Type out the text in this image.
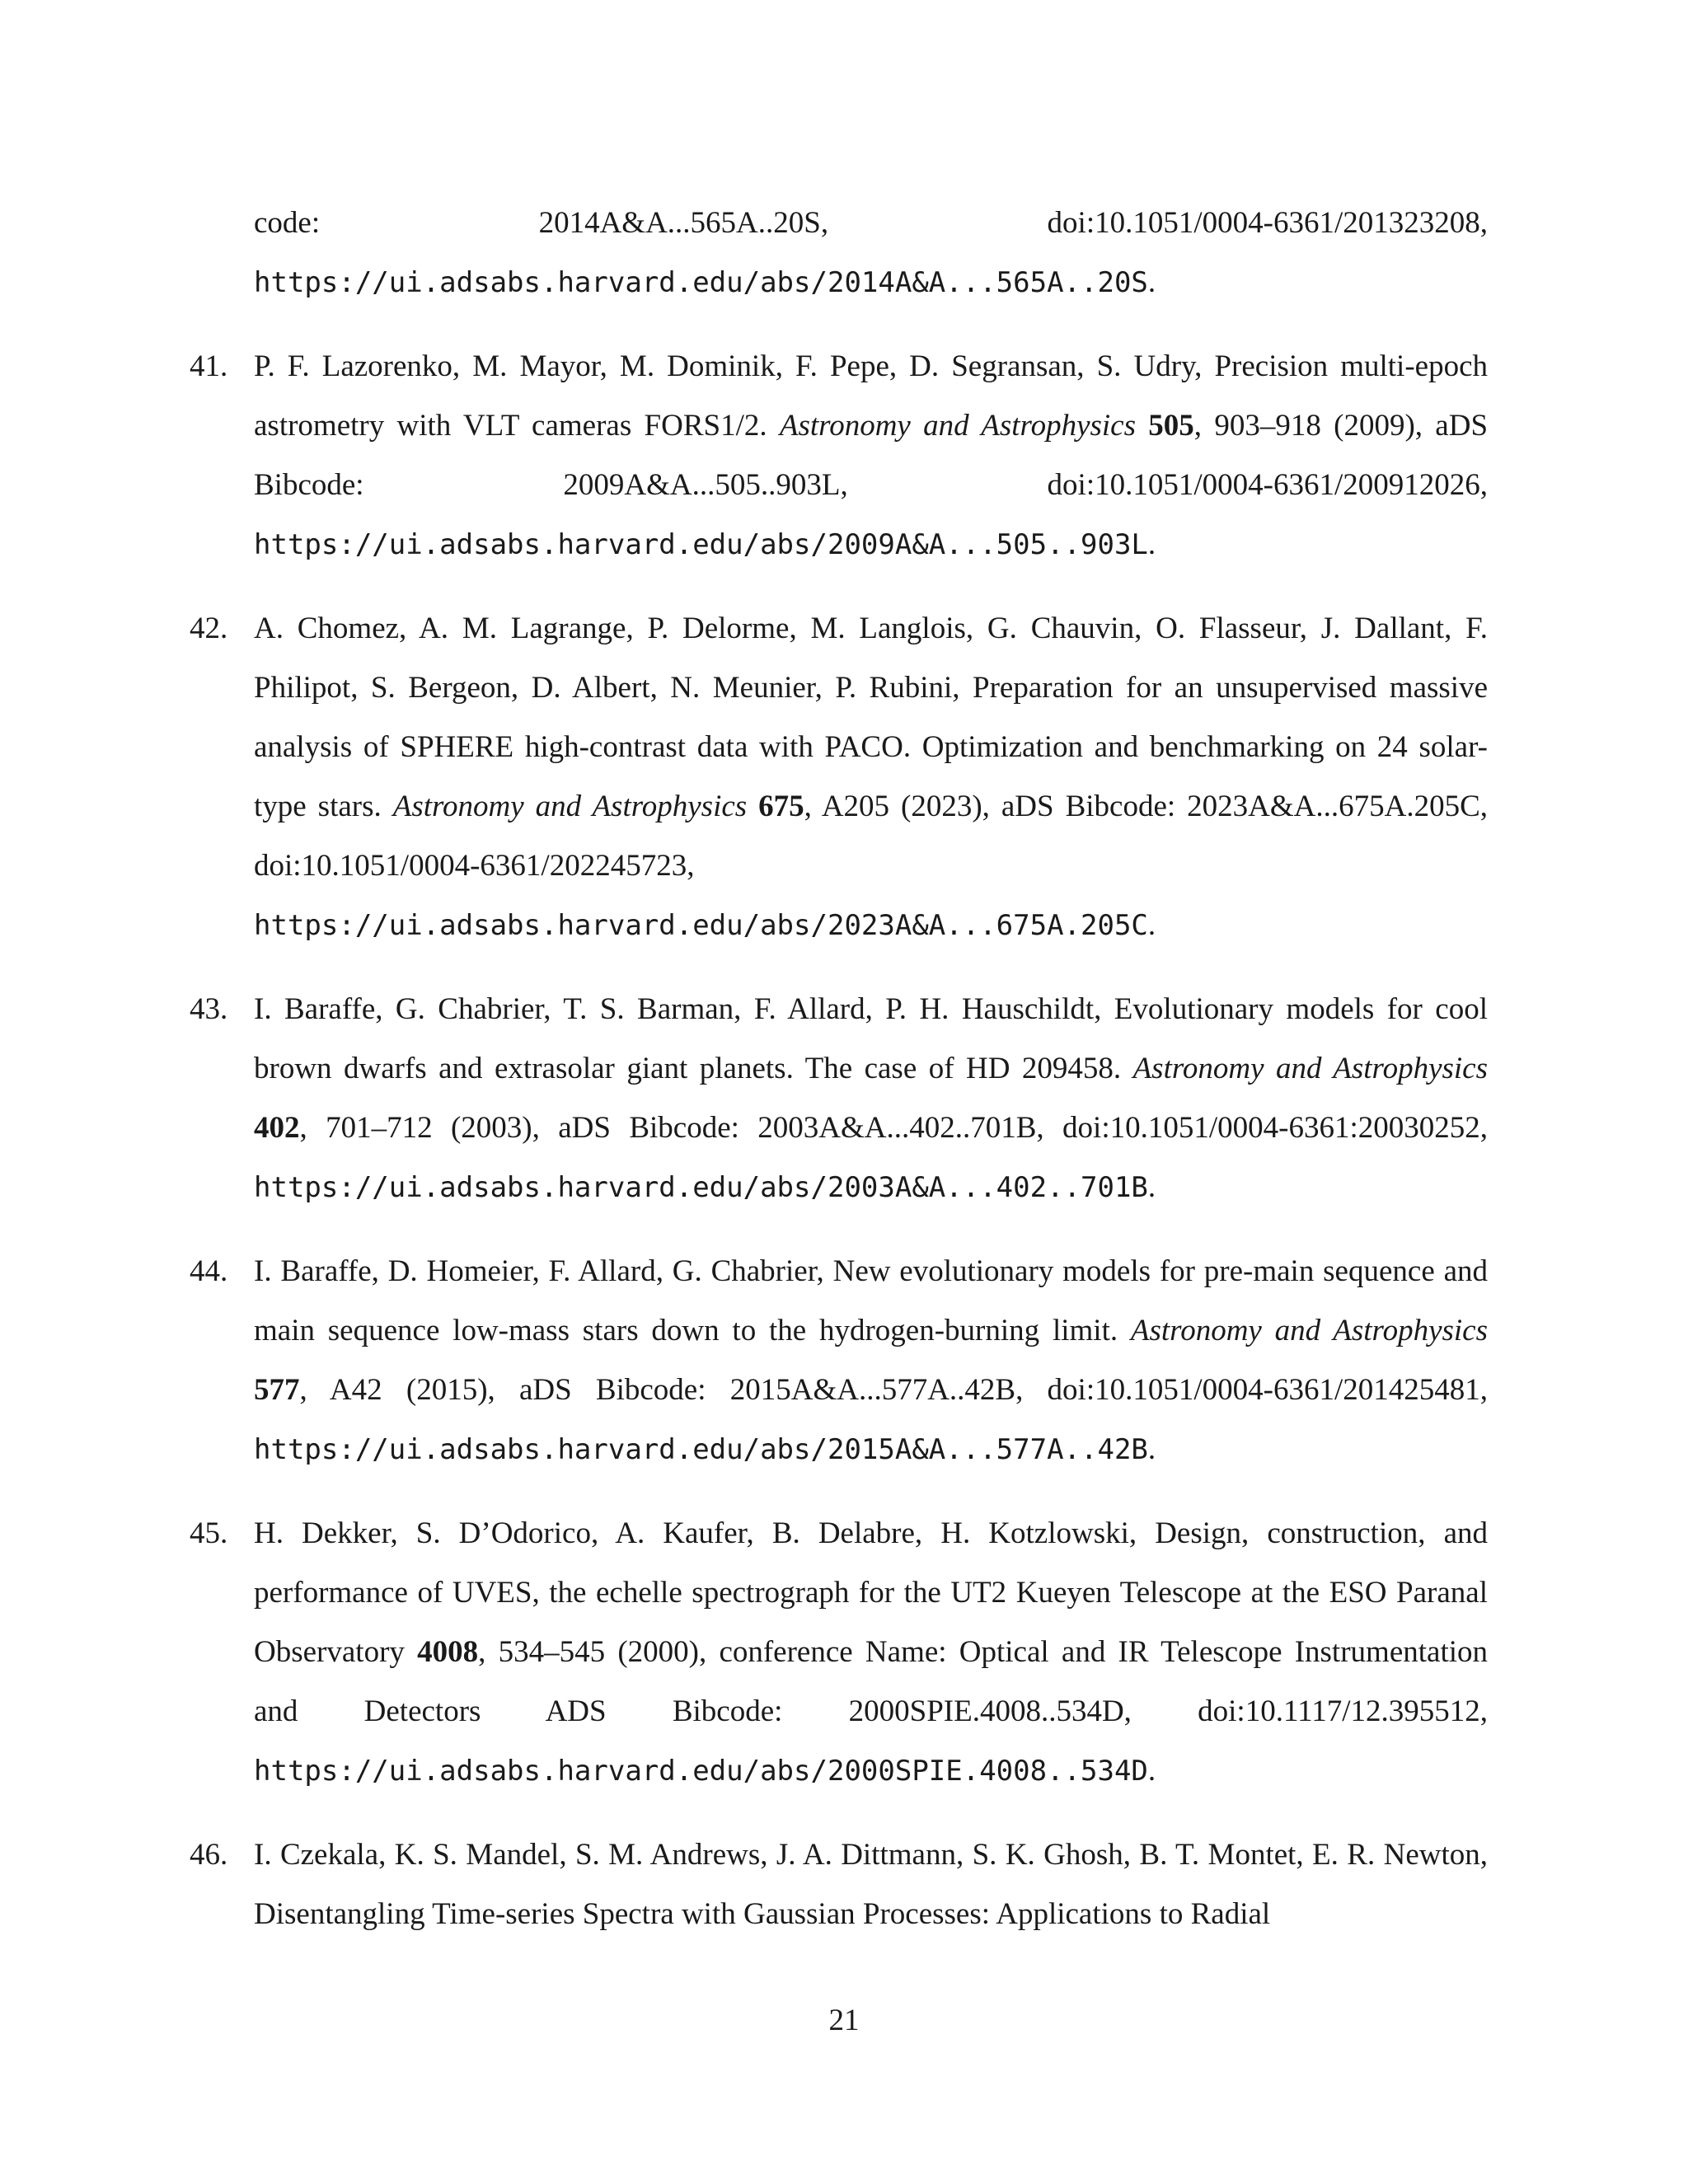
code: 2014A&A...565A..20S, doi:10.1051/0004-6361/201323208, https://ui.adsabs.harvard.edu/abs/2014A&A...565A..20S.
41. P. F. Lazorenko, M. Mayor, M. Dominik, F. Pepe, D. Segransan, S. Udry, Precision multi-epoch astrometry with VLT cameras FORS1/2. Astronomy and Astrophysics 505, 903–918 (2009), aDS Bibcode: 2009A&A...505..903L, doi:10.1051/0004-6361/200912026, https://ui.adsabs.harvard.edu/abs/2009A&A...505..903L.
42. A. Chomez, A. M. Lagrange, P. Delorme, M. Langlois, G. Chauvin, O. Flasseur, J. Dallant, F. Philipot, S. Bergeon, D. Albert, N. Meunier, P. Rubini, Preparation for an unsupervised massive analysis of SPHERE high-contrast data with PACO. Optimization and benchmarking on 24 solar-type stars. Astronomy and Astrophysics 675, A205 (2023), aDS Bibcode: 2023A&A...675A.205C, doi:10.1051/0004-6361/202245723, https://ui.adsabs.harvard.edu/abs/2023A&A...675A.205C.
43. I. Baraffe, G. Chabrier, T. S. Barman, F. Allard, P. H. Hauschildt, Evolutionary models for cool brown dwarfs and extrasolar giant planets. The case of HD 209458. Astronomy and Astrophysics 402, 701–712 (2003), aDS Bibcode: 2003A&A...402..701B, doi:10.1051/0004-6361:20030252, https://ui.adsabs.harvard.edu/abs/2003A&A...402..701B.
44. I. Baraffe, D. Homeier, F. Allard, G. Chabrier, New evolutionary models for pre-main sequence and main sequence low-mass stars down to the hydrogen-burning limit. Astronomy and Astrophysics 577, A42 (2015), aDS Bibcode: 2015A&A...577A..42B, doi:10.1051/0004-6361/201425481, https://ui.adsabs.harvard.edu/abs/2015A&A...577A..42B.
45. H. Dekker, S. D’Odorico, A. Kaufer, B. Delabre, H. Kotzlowski, Design, construction, and performance of UVES, the echelle spectrograph for the UT2 Kueyen Telescope at the ESO Paranal Observatory 4008, 534–545 (2000), conference Name: Optical and IR Telescope Instrumentation and Detectors ADS Bibcode: 2000SPIE.4008..534D, doi:10.1117/12.395512, https://ui.adsabs.harvard.edu/abs/2000SPIE.4008..534D.
46. I. Czekala, K. S. Mandel, S. M. Andrews, J. A. Dittmann, S. K. Ghosh, B. T. Montet, E. R. Newton, Disentangling Time-series Spectra with Gaussian Processes: Applications to Radial
21
